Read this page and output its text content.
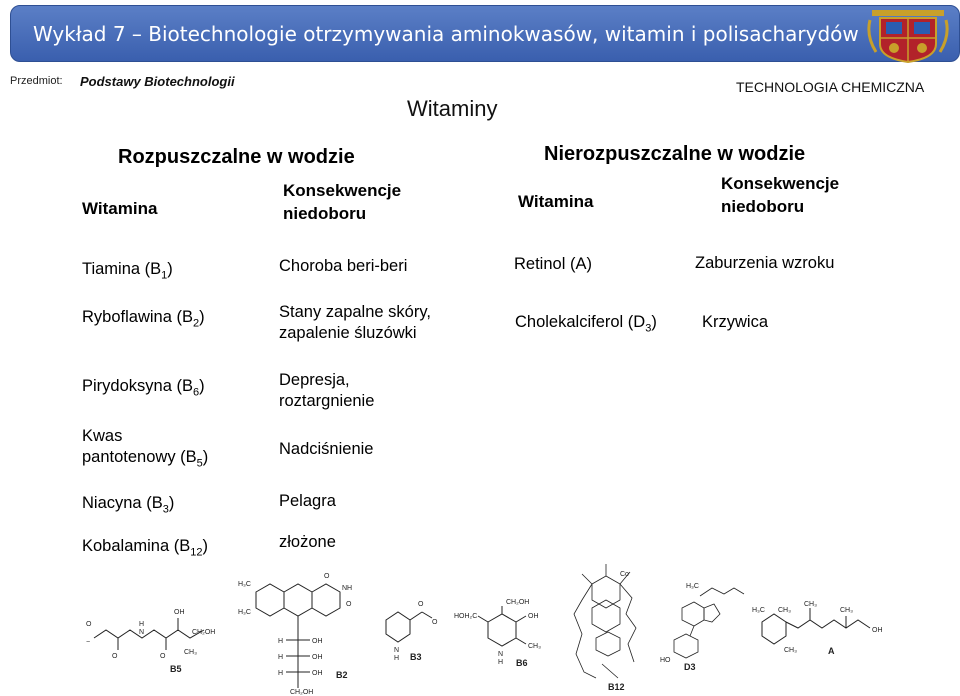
Wykład 7 – Biotechnologie otrzymywania aminokwasów, witamin i polisacharydów
Przedmiot: Podstawy Biotechnologii	TECHNOLOGIA CHEMICZNA
Witaminy
Rozpuszczalne w wodzie
Witamina
Konsekwencje
niedoboru
Tiamina $(B_1)$	Choroba beri-beri
Ryboflawina $(B_2)$	Stany zapalne skóry,
zapalenie śluzówki
Pirydoksyna $(B_6)$	Depresja,
roztargnienie
Kwas
pantotenowy $(B_5)$	Nadciśnienie
Niacyna $(B_3)$	Pelagra
Kobalamina $(B_{12})$	złożone
Nierozpuszczalne w wodzie
Witamina
Konsekwencje
niedoboru
Retinol (A)	Zaburzenia wzroku
Cholekalciferol $(D_3)$	Krzywica
O
−
H
N
O	O
OH
CH₂OH
CH₃
B5
H₃C
H₃C
O
O
NH
H	OH
H	OH
H	OH
CH₂OH
B2
O
O
N
H B3
CH₂OH
HOH₂C	OH
CH₃
N
H B6
Co
B12
H₃C
HO
D3
H₃C CH₃
CH₃
CH₃
OH
CH₃	A
